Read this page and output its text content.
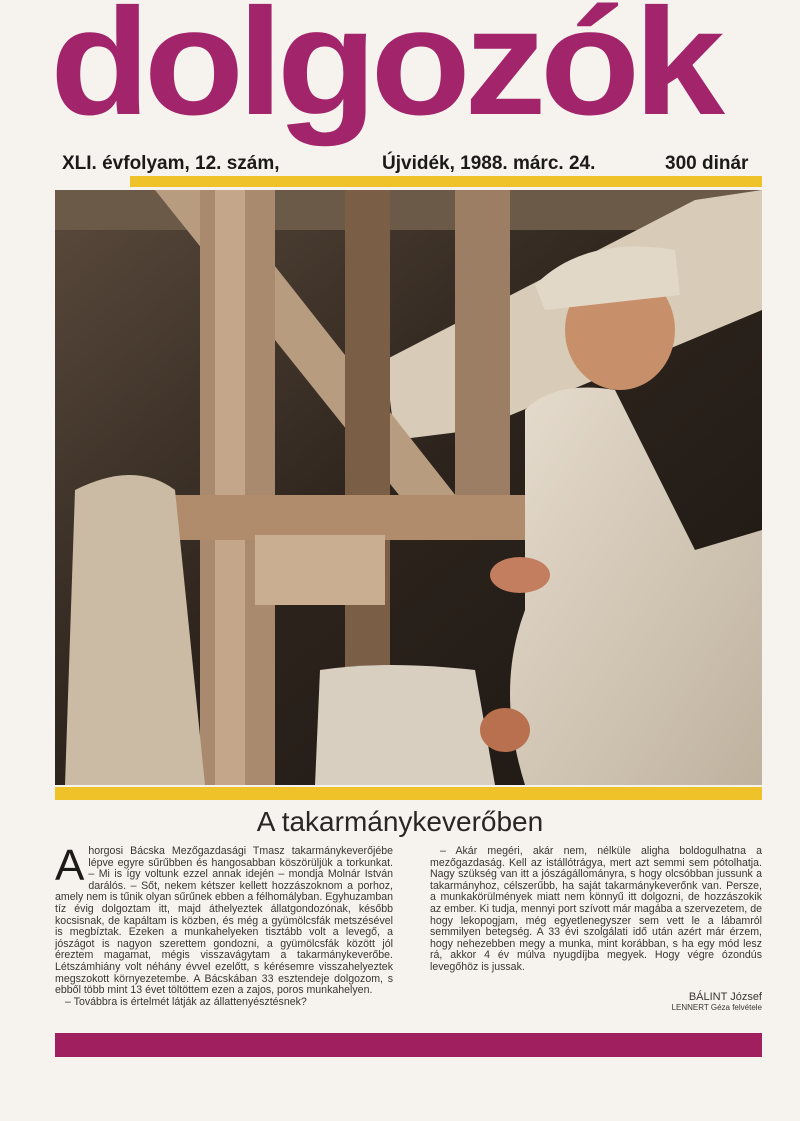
dolgozók
XLI. évfolyam, 12. szám,	Újvidék, 1988. márc. 24.	300 dinár
A takarmánykeverőben

Ahorgosi Bácska Mezőgazdasági Tmasz takarmánykeverőjébe lépve egyre sűrűbben és hangosabban köszörüljük a torkunkat. – Mi is így voltunk ezzel annak idején – mondja Molnár István darálós. – Sőt, nekem kétszer kellett hozzászoknom a porhoz, amely nem is tűnik olyan sűrűnek ebben a félhomályban. Egyhuzamban tíz évig dolgoztam itt, majd áthelyeztek állatgondozónak, később kocsisnak, de kapáltam is közben, és még a gyümölcsfák metszésével is megbíztak. Ezeken a munkahelyeken tisztább volt a levegő, a jószágot is nagyon szerettem gondozni, a gyümölcsfák között jól éreztem magamat, mégis visszavágytam a takarmánykeverőbe. Létszámhiány volt néhány évvel ezelőtt, s kérésemre visszahelyeztek megszokott környezetembe. A Bácskában 33 esztendeje dolgozom, s ebből több mint 13 évet töltöttem ezen a zajos, poros munkahelyen.

– Továbbra is értelmét látják az állattenyésztésnek?

– Akár megéri, akár nem, nélküle aligha boldogulhatna a mezőgazdaság. Kell az istállótrágya, mert azt semmi sem pótolhatja. Nagy szükség van itt a jószágállományra, s hogy olcsóbban jussunk a takarmányhoz, célszerűbb, ha saját takarmánykeverőnk van. Persze, a munkakörülmények miatt nem könnyű itt dolgozni, de hozzászokik az ember. Ki tudja, mennyi port szívott már magába a szervezetem, de hogy lekopogjam, még egyetlenegyszer sem vett le a lábamról semmilyen betegség. A 33 évi szolgálati idő után azért már érzem, hogy nehezebben megy a munka, mint korábban, s ha egy mód lesz rá, akkor 4 év múlva nyugdíjba megyek. Hogy végre ózondús levegőhöz is jussak.

BÁLINT József
LENNERT Géza felvétele
